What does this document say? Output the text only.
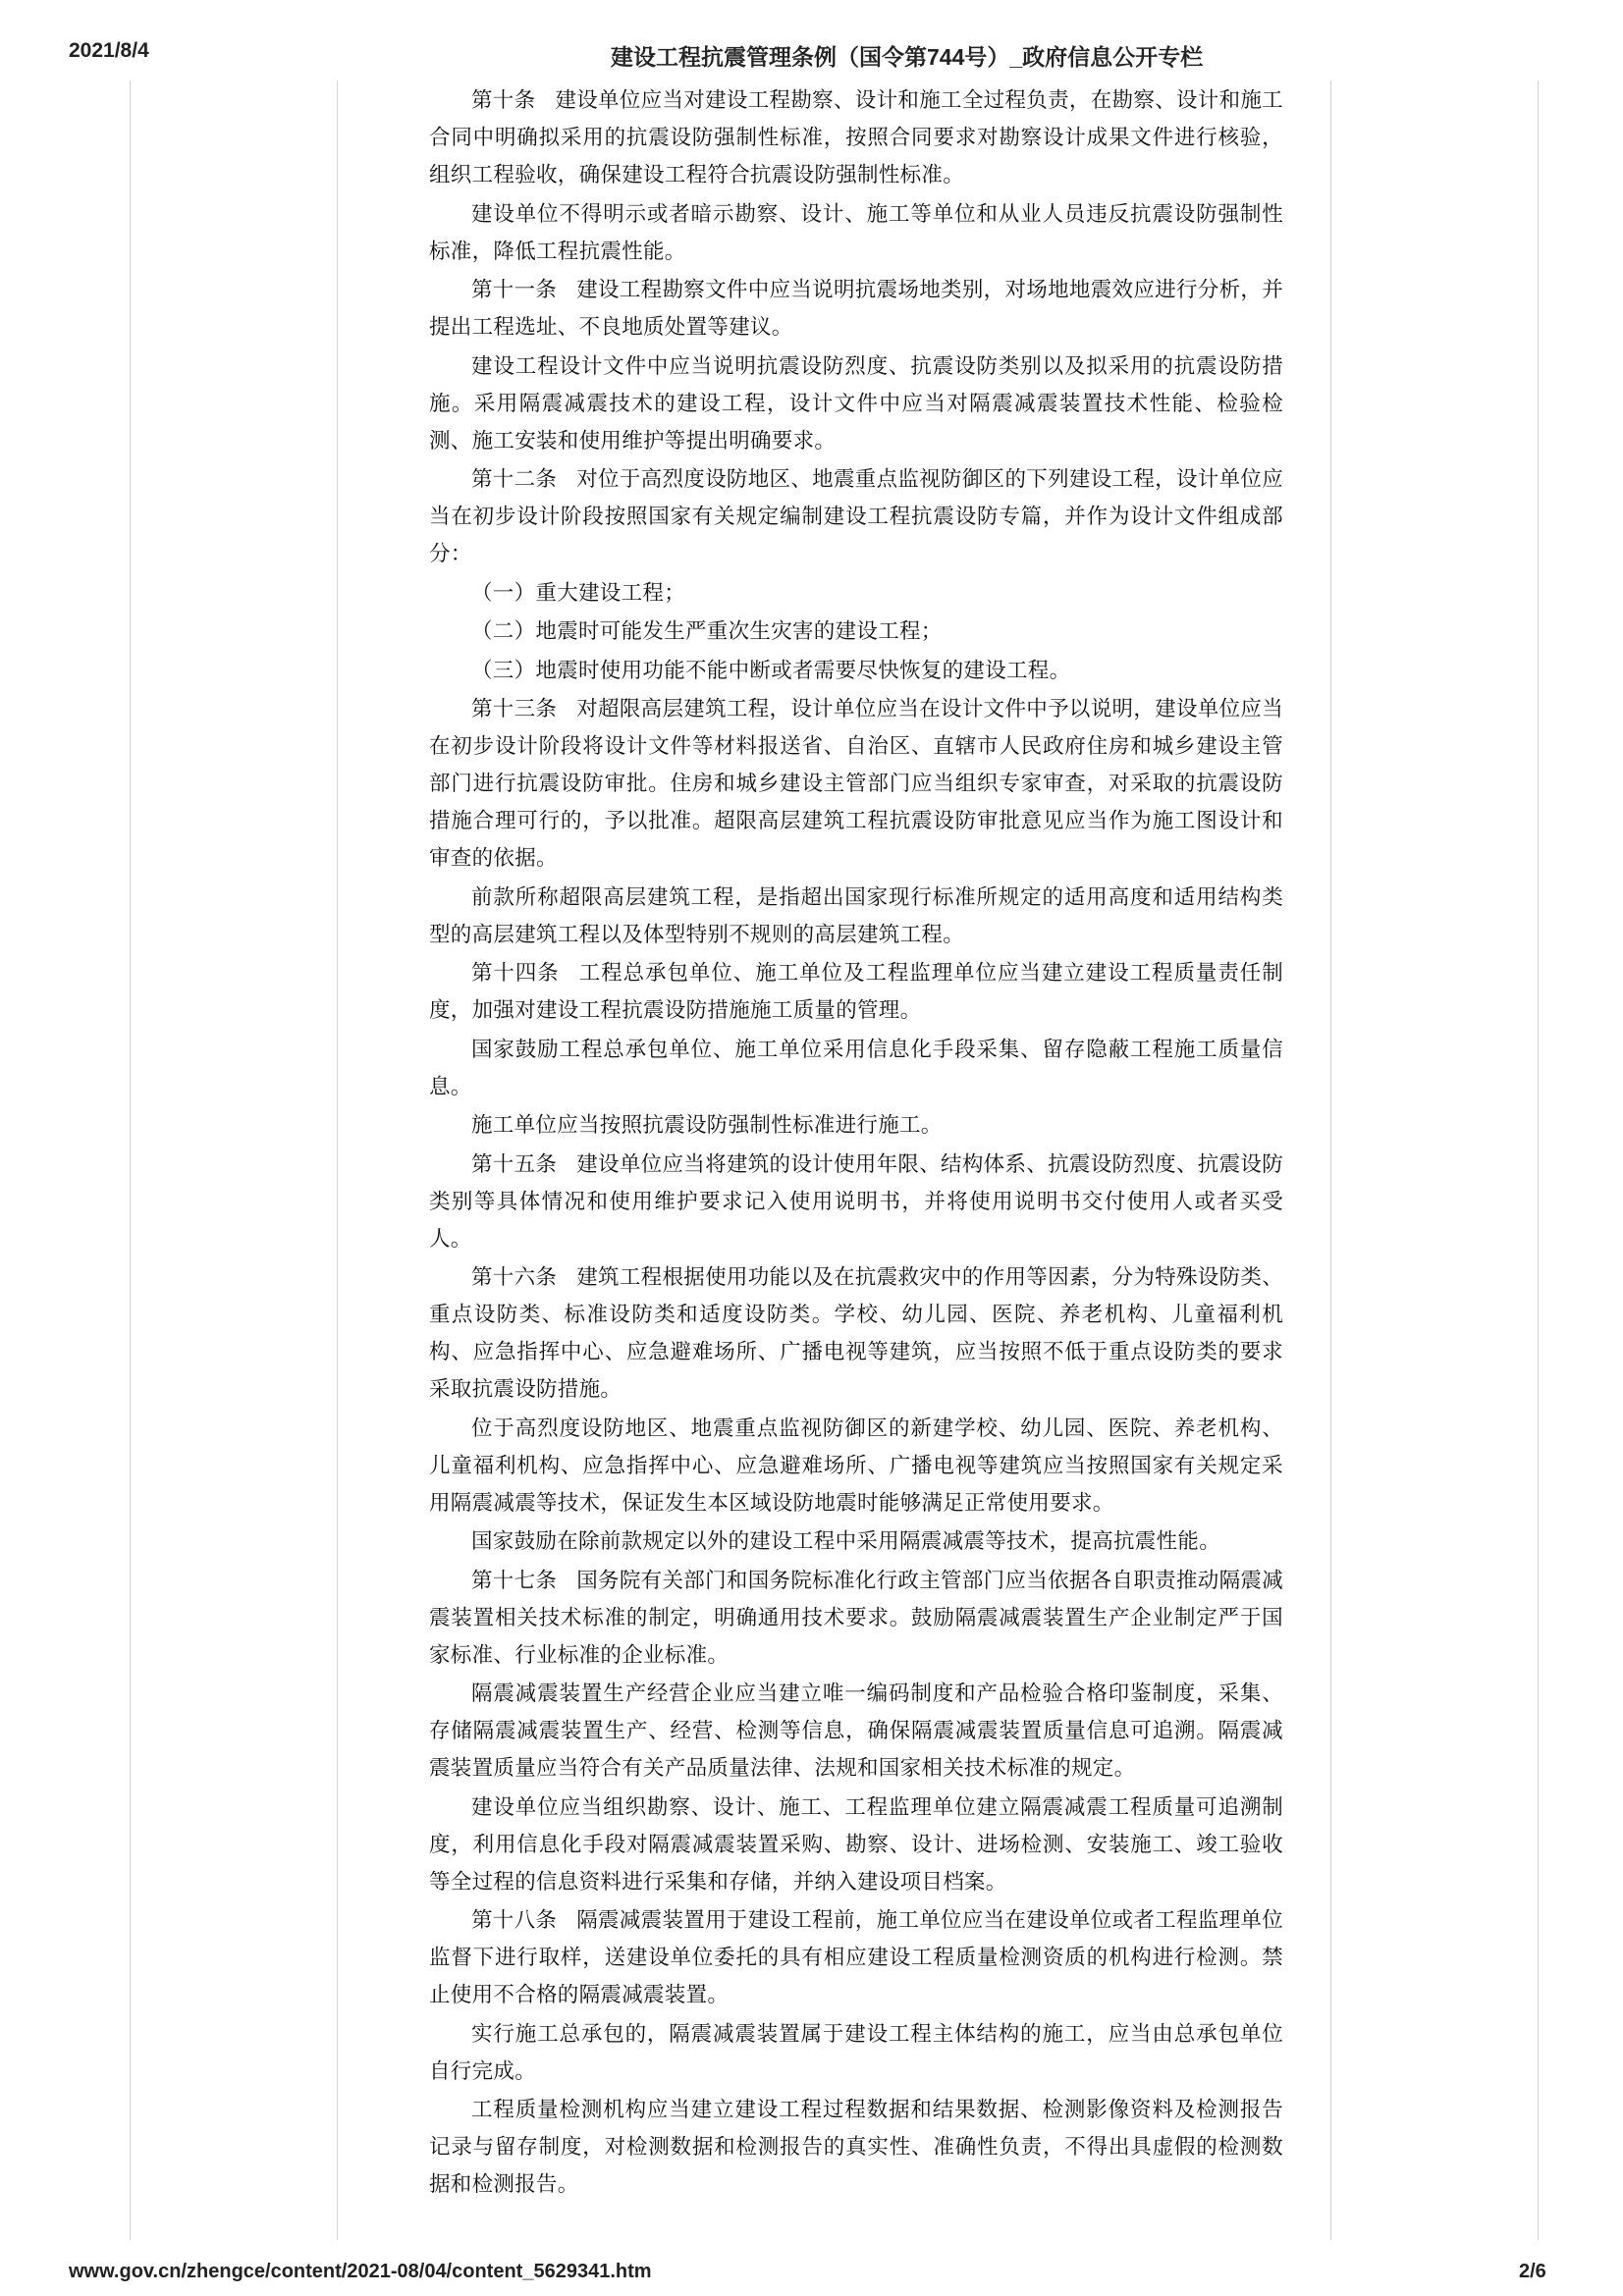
2021/8/4	建设工程抗震管理条例（国令第744号）_政府信息公开专栏

第十条 建设单位应当对建设工程勘察、设计和施工全过程负责，在勘察、设计和施工合同中明确拟采用的抗震设防强制性标准，按照合同要求对勘察设计成果文件进行核验，组织工程验收，确保建设工程符合抗震设防强制性标准。

建设单位不得明示或者暗示勘察、设计、施工等单位和从业人员违反抗震设防强制性标准，降低工程抗震性能。

第十一条 建设工程勘察文件中应当说明抗震场地类别，对场地地震效应进行分析，并提出工程选址、不良地质处置等建议。

建设工程设计文件中应当说明抗震设防烈度、抗震设防类别以及拟采用的抗震设防措施。采用隔震减震技术的建设工程，设计文件中应当对隔震减震装置技术性能、检验检测、施工安装和使用维护等提出明确要求。

第十二条 对位于高烈度设防地区、地震重点监视防御区的下列建设工程，设计单位应当在初步设计阶段按照国家有关规定编制建设工程抗震设防专篇，并作为设计文件组成部分：

（一）重大建设工程；

（二）地震时可能发生严重次生灾害的建设工程；

（三）地震时使用功能不能中断或者需要尽快恢复的建设工程。

第十三条 对超限高层建筑工程，设计单位应当在设计文件中予以说明，建设单位应当在初步设计阶段将设计文件等材料报送省、自治区、直辖市人民政府住房和城乡建设主管部门进行抗震设防审批。住房和城乡建设主管部门应当组织专家审查，对采取的抗震设防措施合理可行的，予以批准。超限高层建筑工程抗震设防审批意见应当作为施工图设计和审查的依据。

前款所称超限高层建筑工程，是指超出国家现行标准所规定的适用高度和适用结构类型的高层建筑工程以及体型特别不规则的高层建筑工程。

第十四条 工程总承包单位、施工单位及工程监理单位应当建立建设工程质量责任制度，加强对建设工程抗震设防措施施工质量的管理。

国家鼓励工程总承包单位、施工单位采用信息化手段采集、留存隐蔽工程施工质量信息。

施工单位应当按照抗震设防强制性标准进行施工。

第十五条 建设单位应当将建筑的设计使用年限、结构体系、抗震设防烈度、抗震设防类别等具体情况和使用维护要求记入使用说明书，并将使用说明书交付使用人或者买受人。

第十六条 建筑工程根据使用功能以及在抗震救灾中的作用等因素，分为特殊设防类、重点设防类、标准设防类和适度设防类。学校、幼儿园、医院、养老机构、儿童福利机构、应急指挥中心、应急避难场所、广播电视等建筑，应当按照不低于重点设防类的要求采取抗震设防措施。

位于高烈度设防地区、地震重点监视防御区的新建学校、幼儿园、医院、养老机构、儿童福利机构、应急指挥中心、应急避难场所、广播电视等建筑应当按照国家有关规定采用隔震减震等技术，保证发生本区域设防地震时能够满足正常使用要求。

国家鼓励在除前款规定以外的建设工程中采用隔震减震等技术，提高抗震性能。

第十七条 国务院有关部门和国务院标准化行政主管部门应当依据各自职责推动隔震减震装置相关技术标准的制定，明确通用技术要求。鼓励隔震减震装置生产企业制定严于国家标准、行业标准的企业标准。

隔震减震装置生产经营企业应当建立唯一编码制度和产品检验合格印鉴制度，采集、存储隔震减震装置生产、经营、检测等信息，确保隔震减震装置质量信息可追溯。隔震减震装置质量应当符合有关产品质量法律、法规和国家相关技术标准的规定。

建设单位应当组织勘察、设计、施工、工程监理单位建立隔震减震工程质量可追溯制度，利用信息化手段对隔震减震装置采购、勘察、设计、进场检测、安装施工、竣工验收等全过程的信息资料进行采集和存储，并纳入建设项目档案。

第十八条 隔震减震装置用于建设工程前，施工单位应当在建设单位或者工程监理单位监督下进行取样，送建设单位委托的具有相应建设工程质量检测资质的机构进行检测。禁止使用不合格的隔震减震装置。

实行施工总承包的，隔震减震装置属于建设工程主体结构的施工，应当由总承包单位自行完成。

工程质量检测机构应当建立建设工程过程数据和结果数据、检测影像资料及检测报告记录与留存制度，对检测数据和检测报告的真实性、准确性负责，不得出具虚假的检测数据和检测报告。

www.gov.cn/zhengce/content/2021-08/04/content_5629341.htm	2/6
